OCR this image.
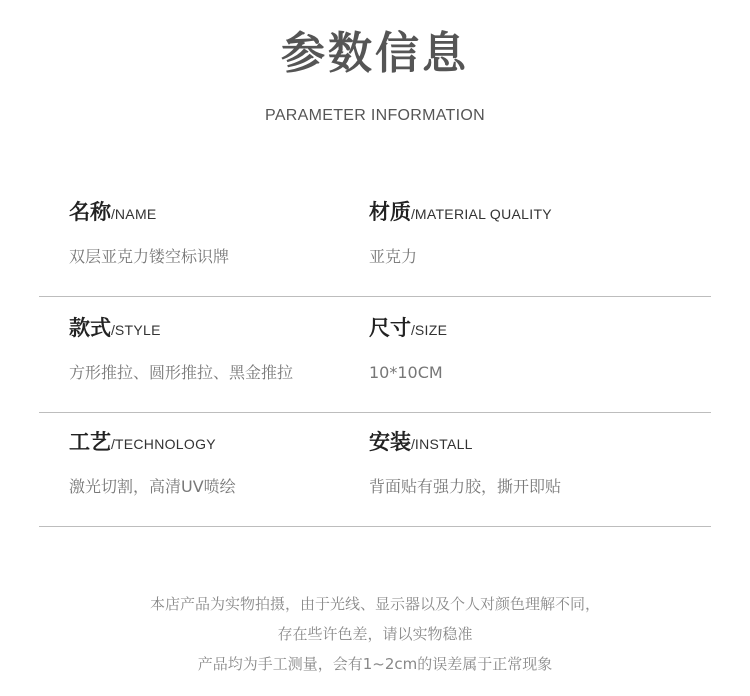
参数信息
PARAMETER INFORMATION
名称/NAME
双层亚克力镂空标识牌
材质/MATERIAL QUALITY
亚克力
款式/STYLE
方形推拉、圆形推拉、黑金推拉
尺寸/SIZE
10*10CM
工艺/TECHNOLOGY
激光切割，高清UV喷绘
安装/INSTALL
背面贴有强力胶，撕开即贴
本店产品为实物拍摄，由于光线、显示器以及个人对颜色理解不同，
存在些许色差，请以实物稳准
产品均为手工测量，会有1~2cm的误差属于正常现象
